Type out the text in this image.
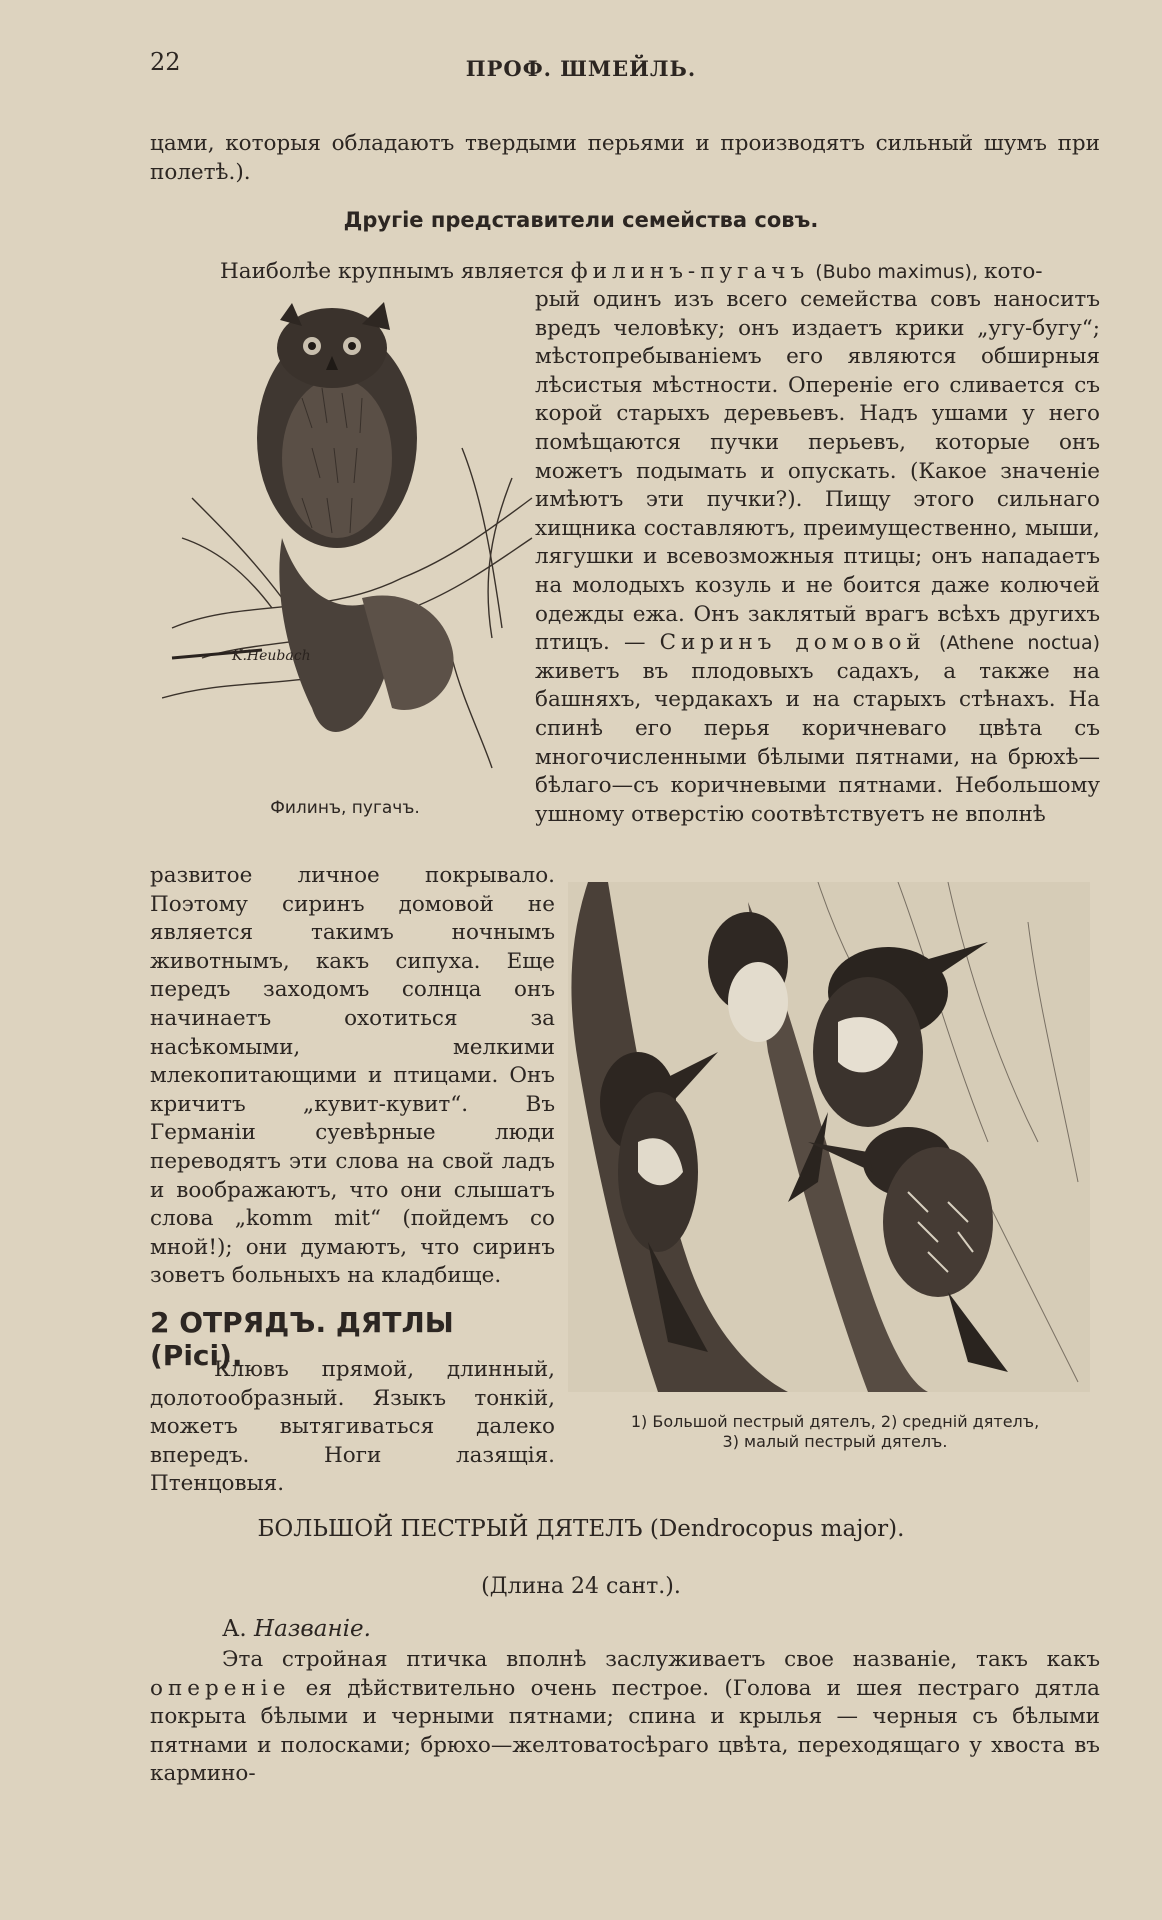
22	ПРОФ. ШМЕЙЛЬ.
цами, которыя обладаютъ твердыми перьями и производятъ сильный шумъ при полетѣ.).
Другіе представители семейства совъ.
Наиболѣе крупнымъ является филинъ-пугачъ (Bubo maximus), кото-
рый одинъ изъ всего семейства совъ наноситъ вредъ человѣку; онъ издаетъ крики „угу-бугу“; мѣстопребываніемъ его являются обширныя лѣсистыя мѣстности. Опереніе его сливается съ корой старыхъ деревьевъ. Надъ ушами у него помѣщаются пучки перьевъ, которые онъ можетъ подымать и опускать. (Какое значеніе имѣютъ эти пучки?). Пищу этого сильнаго хищника составляютъ, преимущественно, мыши, лягушки и всевозможныя птицы; онъ нападаетъ на молодыхъ козуль и не боится даже колючей одежды ежа. Онъ заклятый врагъ всѣхъ другихъ птицъ. — Сиринъ домовой (Athene noctua) живетъ въ плодовыхъ садахъ, а также на башняхъ, чердакахъ и на старыхъ стѣнахъ. На спинѣ его перья коричневаго цвѣта съ многочисленными бѣлыми пятнами, на брюхѣ—бѣлаго—съ коричневыми пятнами. Небольшому ушному отверстію соотвѣтствуетъ не вполнѣ
K.Heubach
Филинъ, пугачъ.
развитое личное покрывало. Поэтому сиринъ домовой не является такимъ ночнымъ животнымъ, какъ сипуха. Еще передъ заходомъ солнца онъ начинаетъ охотиться за насѣкомыми, мелкими млекопитающими и птицами. Онъ кричитъ „кувит-кувит“. Въ Германіи суевѣрные люди переводятъ эти слова на свой ладъ и воображаютъ, что они слышатъ слова „komm mit“ (пойдемъ со мной!); они думаютъ, что сиринъ зоветъ больныхъ на кладбище.
1) Большой пестрый дятелъ, 2) среднiй дятелъ,
3) малый пестрый дятелъ.
2 ОТРЯДЪ. ДЯТЛЫ (Pici).
Клювъ прямой, длинный, долотообразный. Языкъ тонкій, можетъ вытягиваться далеко впередъ. Ноги лазящія. Птенцовыя.
БОЛЬШОЙ ПЕСТРЫЙ ДЯТЕЛЪ (Dendrocopus major).
(Длина 24 сант.).
А. Названіе.
Эта стройная птичка вполнѣ заслуживаетъ свое названіе, такъ какъ опереніе ея дѣйствительно очень пестрое. (Голова и шея пестраго дятла покрыта бѣлыми и черными пятнами; спина и крылья — черныя съ бѣлыми пятнами и полосками; брюхо—желтоватосѣраго цвѣта, переходящаго у хвоста въ кармино-
